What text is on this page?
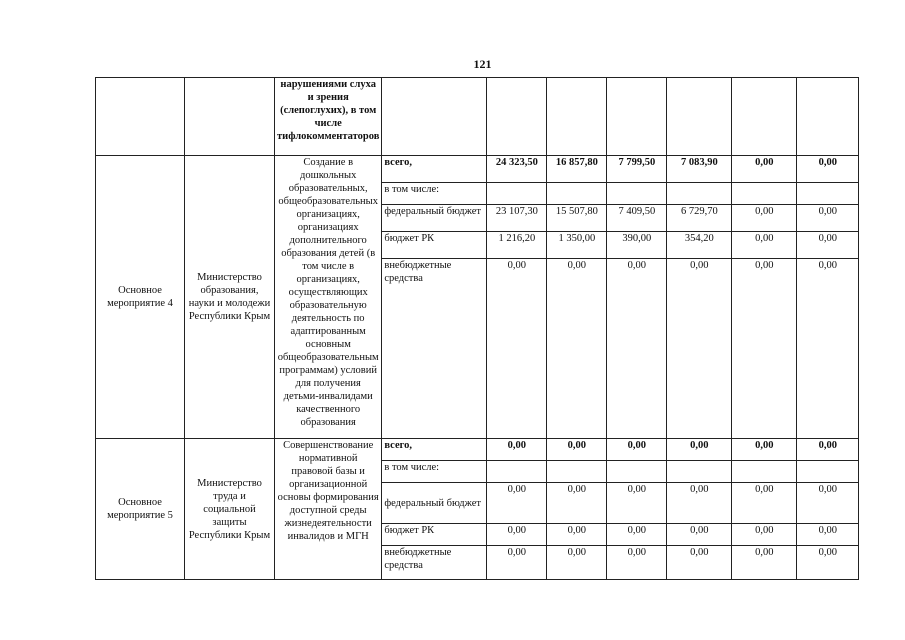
121
		нарушениями слуха и зрения (слепоглухих), в том числе тифлокомментаторов							
Основное мероприятие 4	Министерство образования, науки и молодежи Республики Крым	Создание в дошкольных образовательных, общеобразовательных организациях, организациях дополнительного образования детей (в том числе в организациях, осуществляющих образовательную деятельность по адаптированным основным общеобразовательным программам) условий для получения детьми-инвалидами качественного образования	всего,	24 323,50	16 857,80	7 799,50	7 083,90	0,00	0,00
			в том числе:						
			федеральный бюджет	23 107,30	15 507,80	7 409,50	6 729,70	0,00	0,00
			бюджет РК	1 216,20	1 350,00	390,00	354,20	0,00	0,00
			внебюджетные средства	0,00	0,00	0,00	0,00	0,00	0,00
Основное мероприятие 5	Министерство труда и социальной защиты Республики Крым	Совершенствование нормативной правовой базы и организационной основы формирования доступной среды жизнедеятельности инвалидов и МГН	всего,	0,00	0,00	0,00	0,00	0,00	0,00
			в том числе:						
			федеральный бюджет	0,00	0,00	0,00	0,00	0,00	0,00
			бюджет РК	0,00	0,00	0,00	0,00	0,00	0,00
			внебюджетные средства	0,00	0,00	0,00	0,00	0,00	0,00
